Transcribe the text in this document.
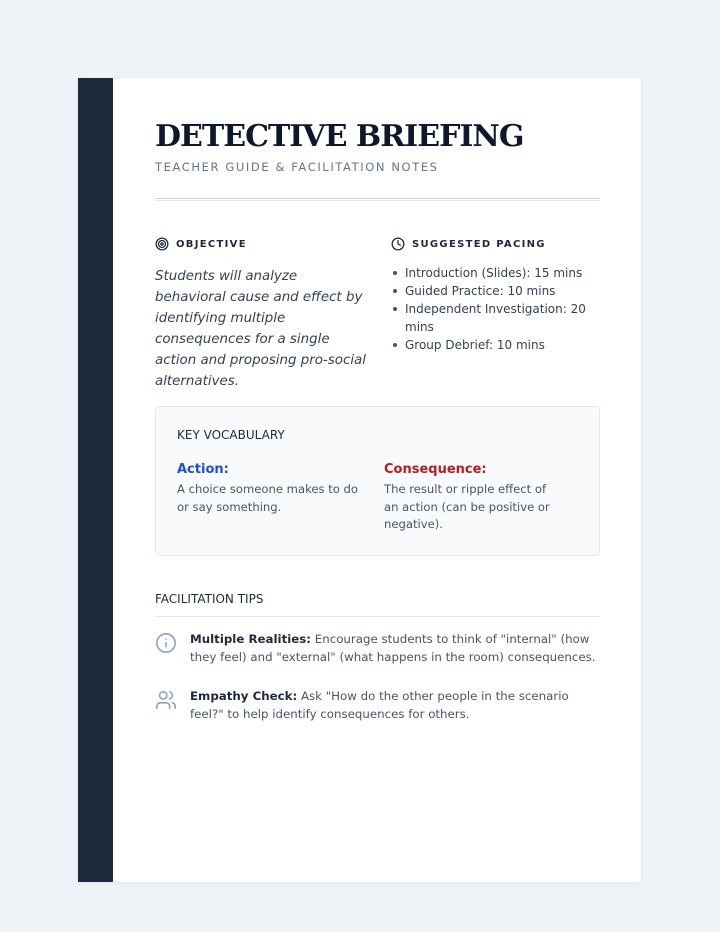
DETECTIVE BRIEFING
TEACHER GUIDE & FACILITATION NOTES
OBJECTIVE

Students will analyze behavioral cause and effect by identifying multiple consequences for a single action and proposing pro-social alternatives.

SUGGESTED PACING
Introduction (Slides): 15 mins
Guided Practice: 10 mins
Independent Investigation: 20 mins
Group Debrief: 10 mins
KEY VOCABULARY
Action:
A choice someone makes to do or say something.
Consequence:
The result or ripple effect of an action (can be positive or negative).
FACILITATION TIPS

Multiple Realities: Encourage students to think of "internal" (how they feel) and "external" (what happens in the room) consequences.

Empathy Check: Ask "How do the other people in the scenario feel?" to help identify consequences for others.
